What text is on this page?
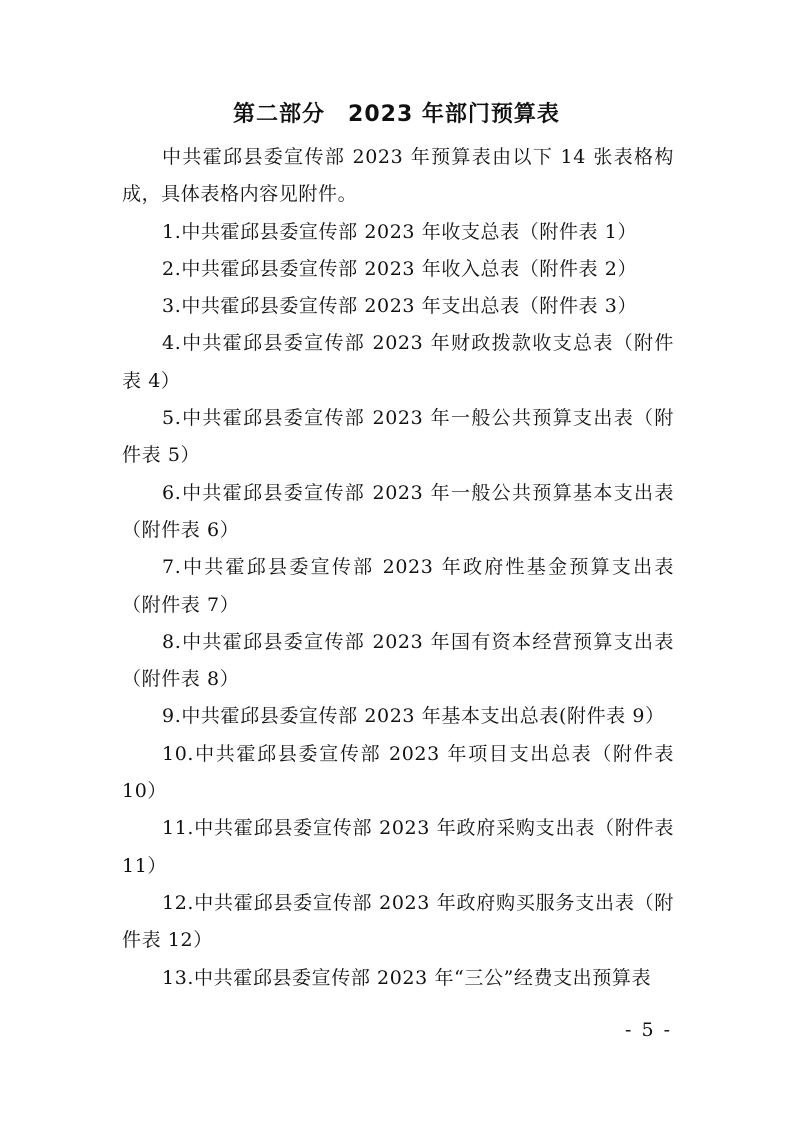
第二部分　2023 年部门预算表

中共霍邱县委宣传部 2023 年预算表由以下 14 张表格构成，具体表格内容见附件。

1.中共霍邱县委宣传部 2023 年收支总表（附件表 1）

2.中共霍邱县委宣传部 2023 年收入总表（附件表 2）

3.中共霍邱县委宣传部 2023 年支出总表（附件表 3）

4.中共霍邱县委宣传部 2023 年财政拨款收支总表（附件表 4）

5.中共霍邱县委宣传部 2023 年一般公共预算支出表（附件表 5）

6.中共霍邱县委宣传部 2023 年一般公共预算基本支出表（附件表 6）

7.中共霍邱县委宣传部 2023 年政府性基金预算支出表（附件表 7）

8.中共霍邱县委宣传部 2023 年国有资本经营预算支出表（附件表 8）

9.中共霍邱县委宣传部 2023 年基本支出总表(附件表 9）

10.中共霍邱县委宣传部 2023 年项目支出总表（附件表 10）

11.中共霍邱县委宣传部 2023 年政府采购支出表（附件表 11）

12.中共霍邱县委宣传部 2023 年政府购买服务支出表（附件表 12）

13.中共霍邱县委宣传部 2023 年“三公”经费支出预算表

- 5 -
